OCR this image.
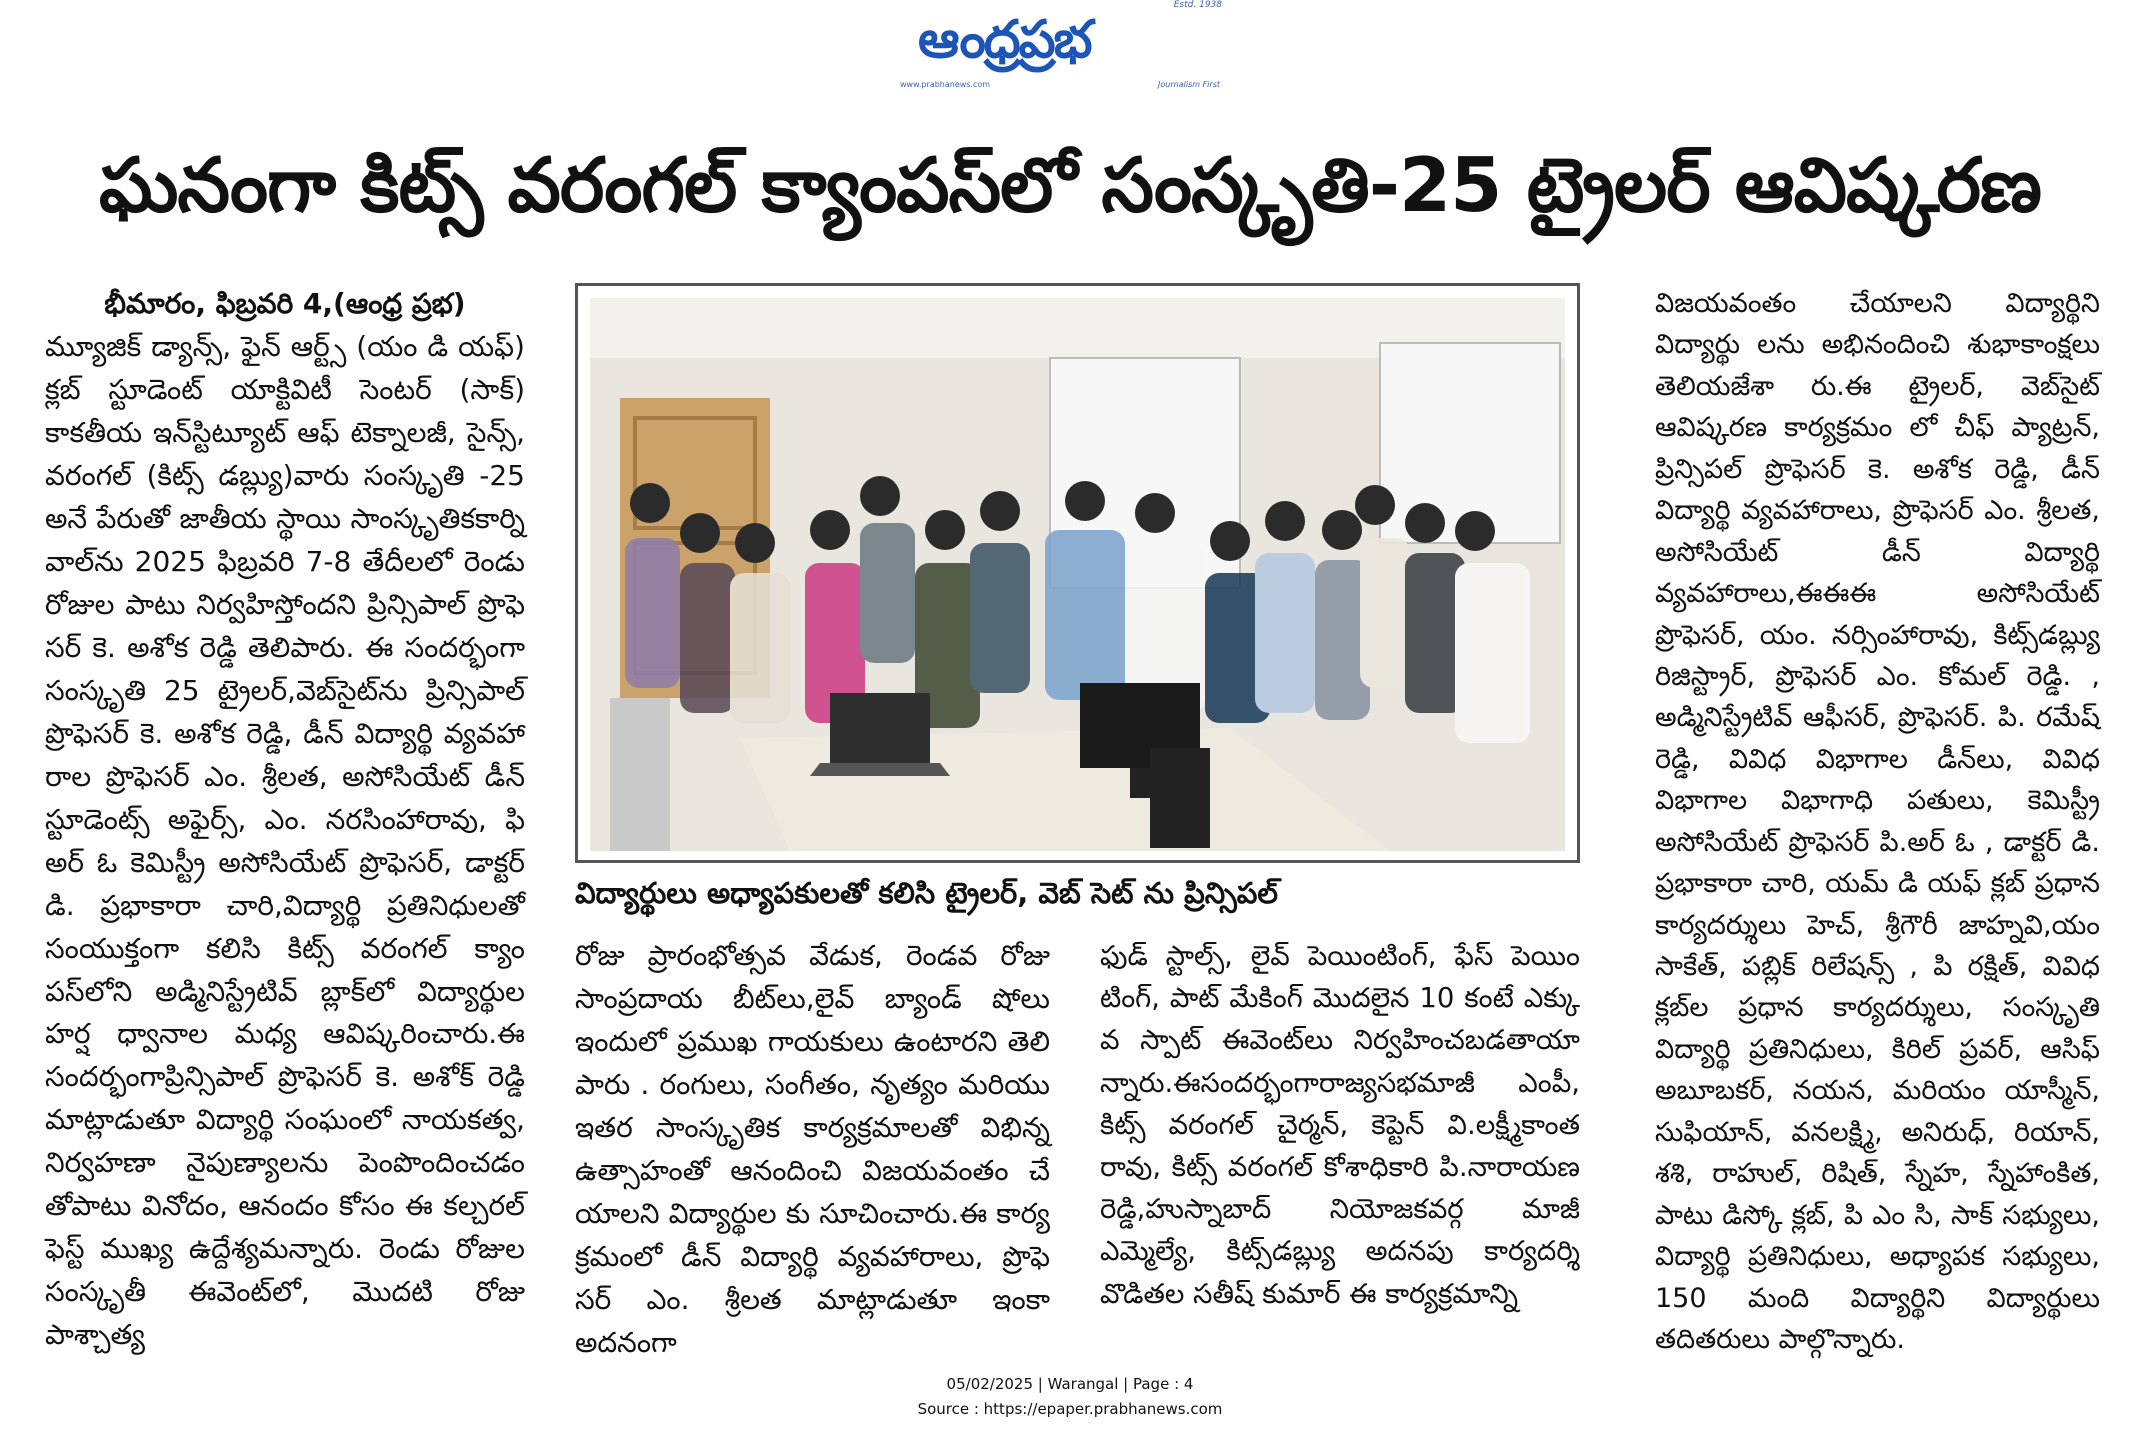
Estd. 1938
ఆంధ్రప్రభ
www.prabhanews.com	Journalism First
ఘనంగా కిట్స్ వరంగల్ క్యాంపస్‌లో సంస్కృతి-25 ట్రైలర్ ఆవిష్కరణ
భీమారం, ఫిబ్రవరి 4,(ఆంధ్ర ప్రభ)

మ్యూజిక్ డ్యాన్స్, ఫైన్ ఆర్ట్స్ (యం డి యఫ్) క్లబ్ స్టూడెంట్ యాక్టివిటీ సెంటర్ (సాక్) కాకతీయ ఇన్‌స్టిట్యూట్ ఆఫ్ టెక్నాలజీ, సైన్స్, వరంగల్ (కిట్స్ డబ్ల్యు)వారు సంస్కృతి -25 అనే పేరుతో జాతీయ స్థాయి సాంస్కృతికకార్ని వాల్‌ను 2025 ఫిబ్రవరి 7-8 తేదీలలో రెండు రోజుల పాటు నిర్వహిస్తోందని ప్రిన్సిపాల్ ప్రొఫె సర్ కె. అశోక రెడ్డి తెలిపారు. ఈ సందర్భంగా సంస్కృతి 25 ట్రైలర్,వెబ్‌సైట్‌ను ప్రిన్సిపాల్ ప్రొఫెసర్ కె. అశోక రెడ్డి, డీన్ విద్యార్థి వ్యవహా రాల ప్రొఫెసర్ ఎం. శ్రీలత, అసోసియేట్ డీన్ స్టూడెంట్స్ అఫైర్స్, ఎం. నరసింహారావు, ఫి అర్ ఓ కెమిస్ట్రీ అసోసియేట్ ప్రొఫెసర్, డాక్టర్ డి. ప్రభాకారా చారి,విద్యార్థి ప్రతినిధులతో సంయుక్తంగా కలిసి కిట్స్ వరంగల్ క్యాం పస్‌లోని అడ్మినిస్ట్రేటివ్ బ్లాక్‌లో విద్యార్థుల హర్ష ధ్వానాల మధ్య ఆవిష్కరించారు.ఈ సందర్భంగాప్రిన్సిపాల్ ప్రొఫెసర్ కె. అశోక్ రెడ్డి మాట్లాడుతూ విద్యార్థి సంఘంలో నాయకత్వ, నిర్వహణా నైపుణ్యాలను పెంపొందించడం తోపాటు వినోదం, ఆనందం కోసం ఈ కల్చరల్ ఫెస్ట్ ముఖ్య ఉద్దేశ్యమన్నారు. రెండు రోజుల సంస్కృతీ ఈవెంట్‌లో, మొదటి రోజు పాశ్చాత్య

విద్యార్థులు అధ్యాపకులతో కలిసి ట్రైలర్, వెబ్ సెట్ ను ప్రిన్సిపల్

రోజు ప్రారంభోత్సవ వేడుక, రెండవ రోజు సాంప్రదాయ బీట్‌లు,లైవ్ బ్యాండ్ షోలు ఇందులో ప్రముఖ గాయకులు ఉంటారని తెలి పారు . రంగులు, సంగీతం, నృత్యం మరియు ఇతర సాంస్కృతిక కార్యక్రమాలతో విభిన్న ఉత్సాహంతో ఆనందించి విజయవంతం చే యాలని విద్యార్థుల కు సూచించారు.ఈ కార్య క్రమంలో డీన్ విద్యార్థి వ్యవహారాలు, ప్రొఫె సర్ ఎం. శ్రీలత మాట్లాడుతూ ఇంకా అదనంగా

ఫుడ్ స్టాల్స్, లైవ్ పెయింటింగ్, ఫేస్ పెయిం టింగ్, పాట్ మేకింగ్ మొదలైన 10 కంటే ఎక్కు వ స్పాట్ ఈవెంట్‌లు నిర్వహించబడతాయా న్నారు.ఈసందర్భంగారాజ్యసభమాజీ ఎంపీ, కిట్స్ వరంగల్ చైర్మన్, కెప్టెన్ వి.లక్ష్మీకాంత రావు, కిట్స్ వరంగల్ కోశాధికారి పి.నారాయణ రెడ్డి,హుస్నాబాద్ నియోజకవర్గ మాజీ ఎమ్మెల్యే, కిట్స్‌డబ్ల్యు అదనపు కార్యదర్శి వొడితల సతీష్ కుమార్ ఈ కార్యక్రమాన్ని

విజయవంతం చేయాలని విద్యార్థిని విద్యార్థు లను అభినందించి శుభాకాంక్షలు తెలియజేశా రు.ఈ ట్రైలర్, వెబ్‌సైట్ ఆవిష్కరణ కార్యక్రమం లో చీఫ్ ప్యాట్రన్, ప్రిన్సిపల్ ప్రొఫెసర్ కె. అశోక రెడ్డి, డీన్ విద్యార్థి వ్యవహారాలు, ప్రొఫెసర్ ఎం. శ్రీలత, అసోసియేట్ డీన్ విద్యార్థి వ్యవహారాలు,ఈఈఈ అసోసియేట్ ప్రొఫెసర్, యం. నర్సింహారావు, కిట్స్‌డబ్ల్యు రిజిస్ట్రార్, ప్రొఫెసర్ ఎం. కోమల్ రెడ్డి. , అడ్మినిస్ట్రేటివ్ ఆఫీసర్, ప్రొఫెసర్. పి. రమేష్ రెడ్డి, వివిధ విభాగాల డీన్‌లు, వివిధ విభాగాల విభాగాధి పతులు, కెమిస్ట్రీ అసోసియేట్ ప్రొఫెసర్ పి.అర్ ఓ , డాక్టర్ డి. ప్రభాకారా చారి, యమ్ డి యఫ్ క్లబ్ ప్రధాన కార్యదర్శులు హెచ్, శ్రీగౌరీ జాహ్నవి,యం సాకేత్, పబ్లిక్ రిలేషన్స్ , పి రక్షిత్, వివిధ క్లబ్‌ల ప్రధాన కార్యదర్శులు, సంస్కృతి విద్యార్థి ప్రతినిధులు, కిరిల్ ప్రవర్, ఆసిఫ్ అబూబకర్, నయన, మరియం యాస్మీన్, సుఫియాన్, వనలక్ష్మి, అనిరుధ్, రియాన్, శశి, రాహుల్, రిషిత్, స్నేహ, స్నేహాంకిత, పాటు డిస్కో క్లబ్, పి ఎం సి, సాక్ సభ్యులు, విద్యార్థి ప్రతినిధులు, అధ్యాపక సభ్యులు, 150 మంది విద్యార్థిని విద్యార్థులు తదితరులు పాల్గొన్నారు.

05/02/2025 | Warangal | Page : 4
Source : https://epaper.prabhanews.com
